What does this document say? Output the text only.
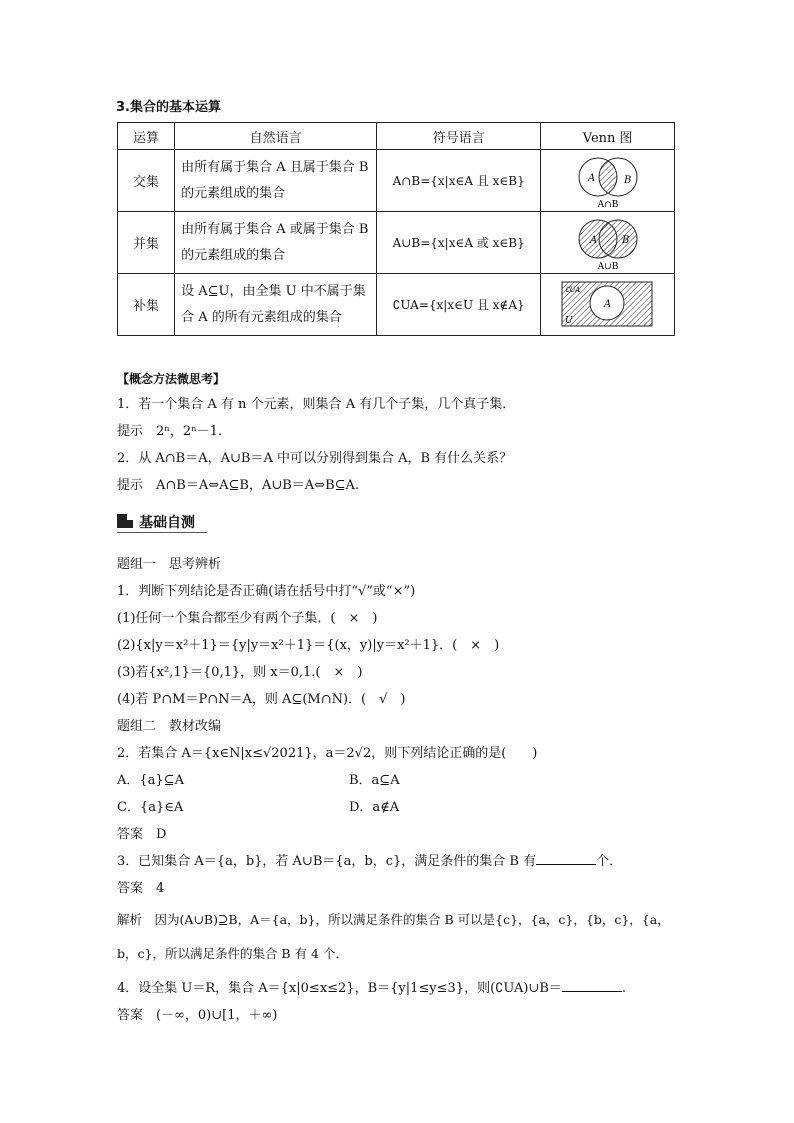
3.集合的基本运算
运算	自然语言	符号语言	Venn 图
交集	由所有属于集合 A 且属于集合 B 的元素组成的集合	A∩B={x|x∈A 且 x∈B}	A B
A∩B

并集	由所有属于集合 A 或属于集合 B 的元素组成的集合	A∪B={x|x∈A 或 x∈B}	A B
A∪B

补集	设 A⊆U，由全集 U 中不属于集合 A 的所有元素组成的集合	∁UA={x|x∈U 且 x∉A}	A
U
∁UA
【概念方法微思考】
1．若一个集合 A 有 n 个元素，则集合 A 有几个子集，几个真子集．
提示　2ⁿ，2ⁿ－1.
2．从 A∩B＝A，A∪B＝A 中可以分别得到集合 A，B 有什么关系？
提示　A∩B＝A⇔A⊆B，A∪B＝A⇔B⊆A.
基础自测
题组一　思考辨析
1．判断下列结论是否正确(请在括号中打“√”或“×”)
(1)任何一个集合都至少有两个子集．(　×　)
(2){x|y＝x²＋1}＝{y|y＝x²＋1}＝{(x，y)|y＝x²＋1}．(　×　)
(3)若{x²,1}＝{0,1}，则 x＝0,1.(　×　)
(4)若 P∩M＝P∩N＝A，则 A⊆(M∩N)．(　√　)
题组二　教材改编
2．若集合 A＝{x∈N|x≤√2021}，a＝2√2，则下列结论正确的是(　　)
A．{a}⊆A	B．a⊆A
C．{a}∈A	D．a∉A
答案　D
3．已知集合 A＝{a，b}，若 A∪B＝{a，b，c}，满足条件的集合 B 有	个．
答案　4
解析　因为(A∪B)⊇B，A＝{a，b}，所以满足条件的集合 B 可以是{c}，{a，c}，{b，c}，{a，
b，c}，所以满足条件的集合 B 有 4 个．
4．设全集 U＝R，集合 A＝{x|0≤x≤2}，B＝{y|1≤y≤3}，则(∁UA)∪B＝	.
答案　(－∞，0)∪[1，＋∞)
